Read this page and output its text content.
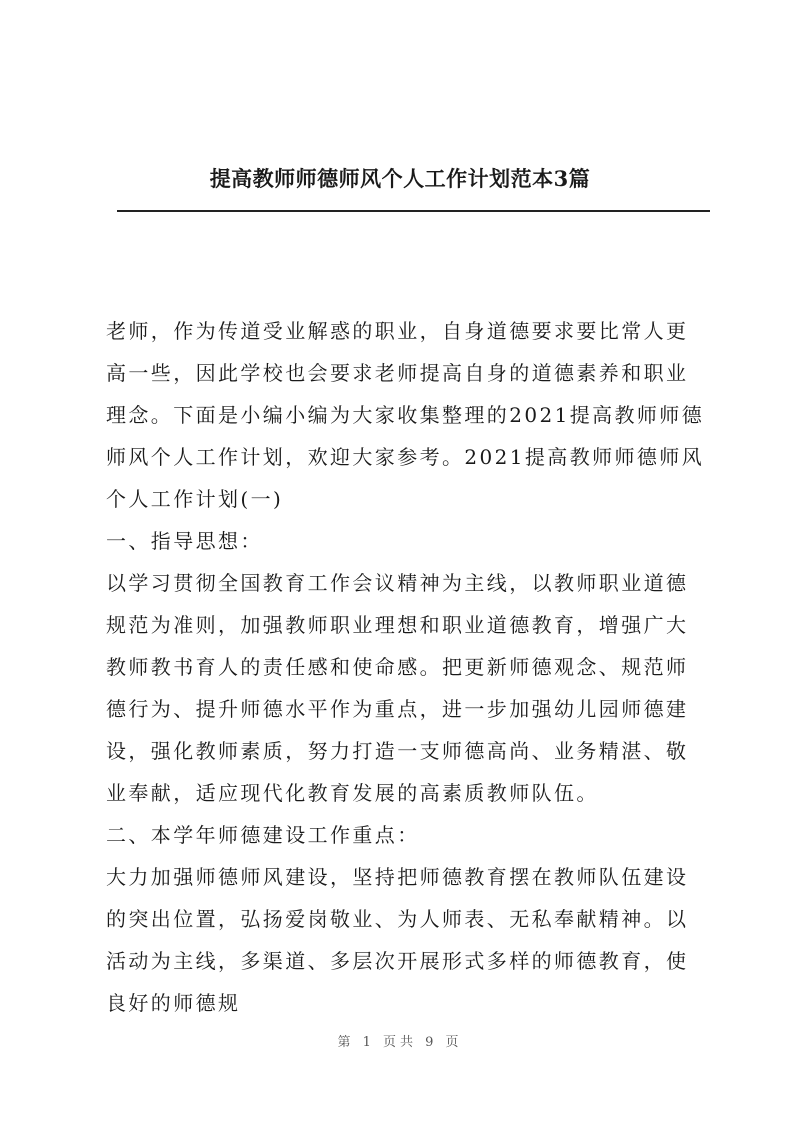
提高教师师德师风个人工作计划范本3篇

老师，作为传道受业解惑的职业，自身道德要求要比常人更高一些，因此学校也会要求老师提高自身的道德素养和职业理念。下面是小编小编为大家收集整理的2021提高教师师德师风个人工作计划，欢迎大家参考。2021提高教师师德师风个人工作计划(一)

一、指导思想：

以学习贯彻全国教育工作会议精神为主线，以教师职业道德规范为准则，加强教师职业理想和职业道德教育，增强广大教师教书育人的责任感和使命感。把更新师德观念、规范师德行为、提升师德水平作为重点，进一步加强幼儿园师德建设，强化教师素质，努力打造一支师德高尚、业务精湛、敬业奉献，适应现代化教育发展的高素质教师队伍。

二、本学年师德建设工作重点：

大力加强师德师风建设，坚持把师德教育摆在教师队伍建设的突出位置，弘扬爱岗敬业、为人师表、无私奉献精神。以活动为主线，多渠道、多层次开展形式多样的师德教育，使良好的师德规

第 1 页共 9 页
